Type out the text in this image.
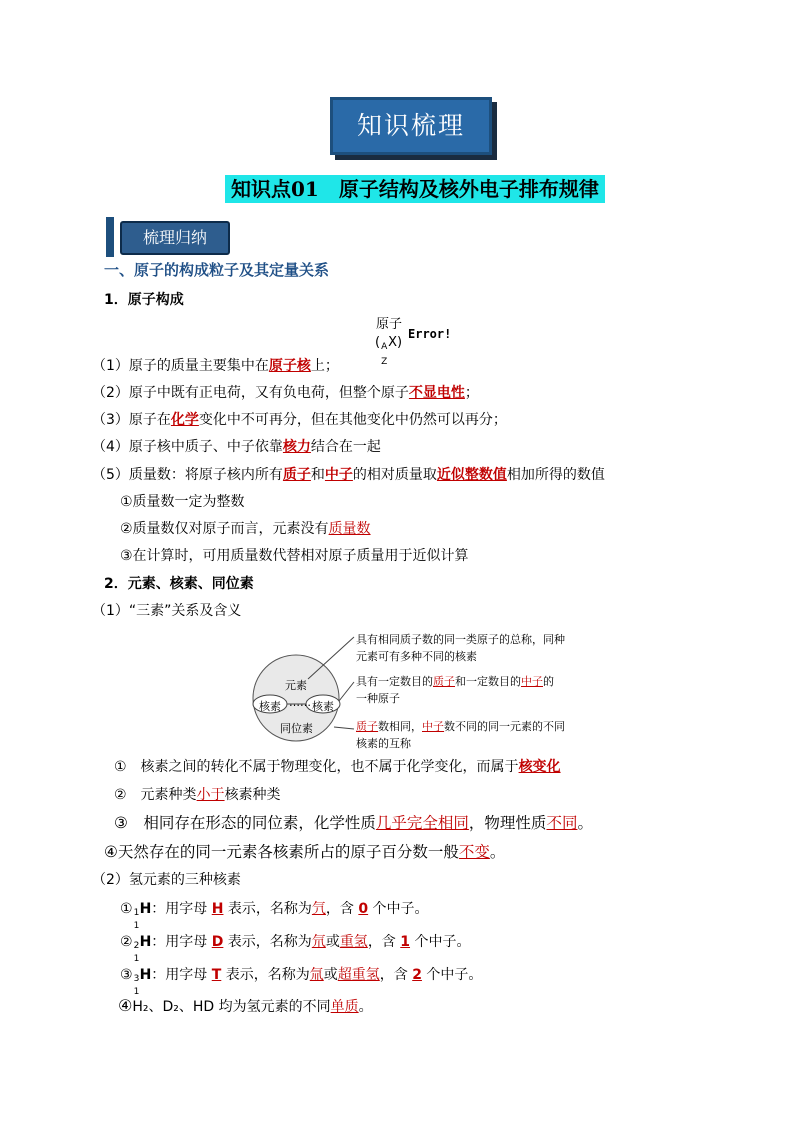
知识梳理
知识点01　原子结构及核外电子排布规律
梳理归纳
一、原子的构成粒子及其定量关系
1．原子构成
原子
( A
Z
X)
Error!
（1）原子的质量主要集中在原子核上；
（2）原子中既有正电荷，又有负电荷，但整个原子不显电性；
（3）原子在化学变化中不可再分，但在其他变化中仍然可以再分；
（4）原子核中质子、中子依靠核力结合在一起
（5）质量数：将原子核内所有质子和中子的相对质量取近似整数值相加所得的数值
①质量数一定为整数
②质量数仅对原子而言，元素没有质量数
③在计算时，可用质量数代替相对原子质量用于近似计算
2．元素、核素、同位素
（1）“三素”关系及含义
元素
核素 …… 核素
同位素
具有相同质子数的同一类原子的总称，同种
元素可有多种不同的核素
具有一定数目的质子和一定数目的中子的
一种原子
质子数相同，中子数不同的同一元素的不同
核素的互称
①　核素之间的转化不属于物理变化，也不属于化学变化，而属于核变化
②　元素种类小于核素种类
③　相同存在形态的同位素，化学性质几乎完全相同，物理性质不同。
④天然存在的同一元素各核素所占的原子百分数一般不变。
（2）氢元素的三种核素
① 1
1
H：用字母 H 表示，名称为氕，含 0 个中子。
② 2
1
H：用字母 D 表示，名称为氘或重氢，含 1 个中子。
③ 3
1
H：用字母 T 表示，名称为氚或超重氢，含 2 个中子。
④H₂、D₂、HD 均为氢元素的不同单质。
